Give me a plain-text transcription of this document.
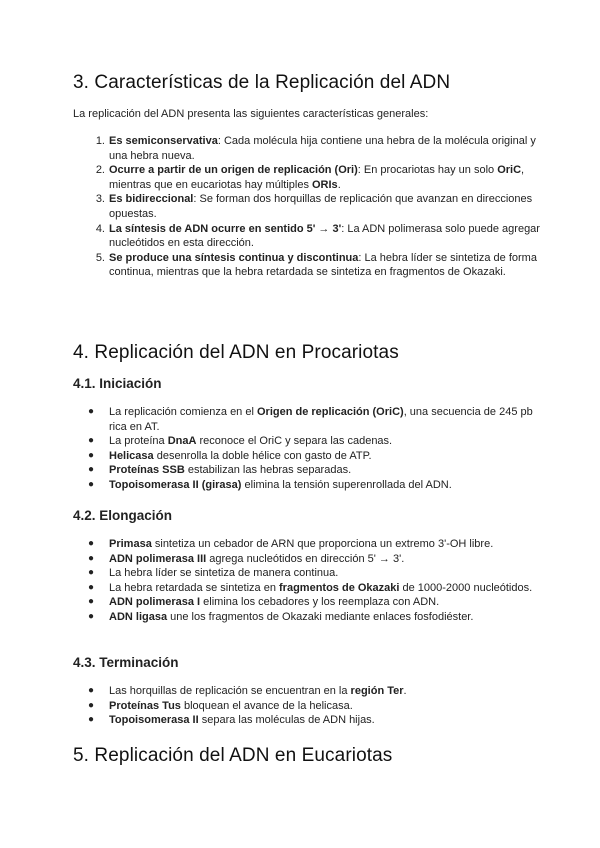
3. Características de la Replicación del ADN

La replicación del ADN presenta las siguientes características generales:

1. Es semiconservativa: Cada molécula hija contiene una hebra de la molécula original y una hebra nueva.
2. Ocurre a partir de un origen de replicación (Ori): En procariotas hay un solo OriC, mientras que en eucariotas hay múltiples ORIs.
3. Es bidireccional: Se forman dos horquillas de replicación que avanzan en direcciones opuestas.
4. La síntesis de ADN ocurre en sentido 5' → 3': La ADN polimerasa solo puede agregar nucleótidos en esta dirección.
5. Se produce una síntesis continua y discontinua: La hebra líder se sintetiza de forma continua, mientras que la hebra retardada se sintetiza en fragmentos de Okazaki.
4. Replicación del ADN en Procariotas
4.1. Iniciación
● La replicación comienza en el Origen de replicación (OriC), una secuencia de 245 pb rica en AT.
● La proteína DnaA reconoce el OriC y separa las cadenas.
● Helicasa desenrolla la doble hélice con gasto de ATP.
● Proteínas SSB estabilizan las hebras separadas.
● Topoisomerasa II (girasa) elimina la tensión superenrollada del ADN.
4.2. Elongación
● Primasa sintetiza un cebador de ARN que proporciona un extremo 3'-OH libre.
● ADN polimerasa III agrega nucleótidos en dirección 5' → 3'.
● La hebra líder se sintetiza de manera continua.
● La hebra retardada se sintetiza en fragmentos de Okazaki de 1000-2000 nucleótidos.
● ADN polimerasa I elimina los cebadores y los reemplaza con ADN.
● ADN ligasa une los fragmentos de Okazaki mediante enlaces fosfodiéster.
4.3. Terminación
● Las horquillas de replicación se encuentran en la región Ter.
● Proteínas Tus bloquean el avance de la helicasa.
● Topoisomerasa II separa las moléculas de ADN hijas.
5. Replicación del ADN en Eucariotas
